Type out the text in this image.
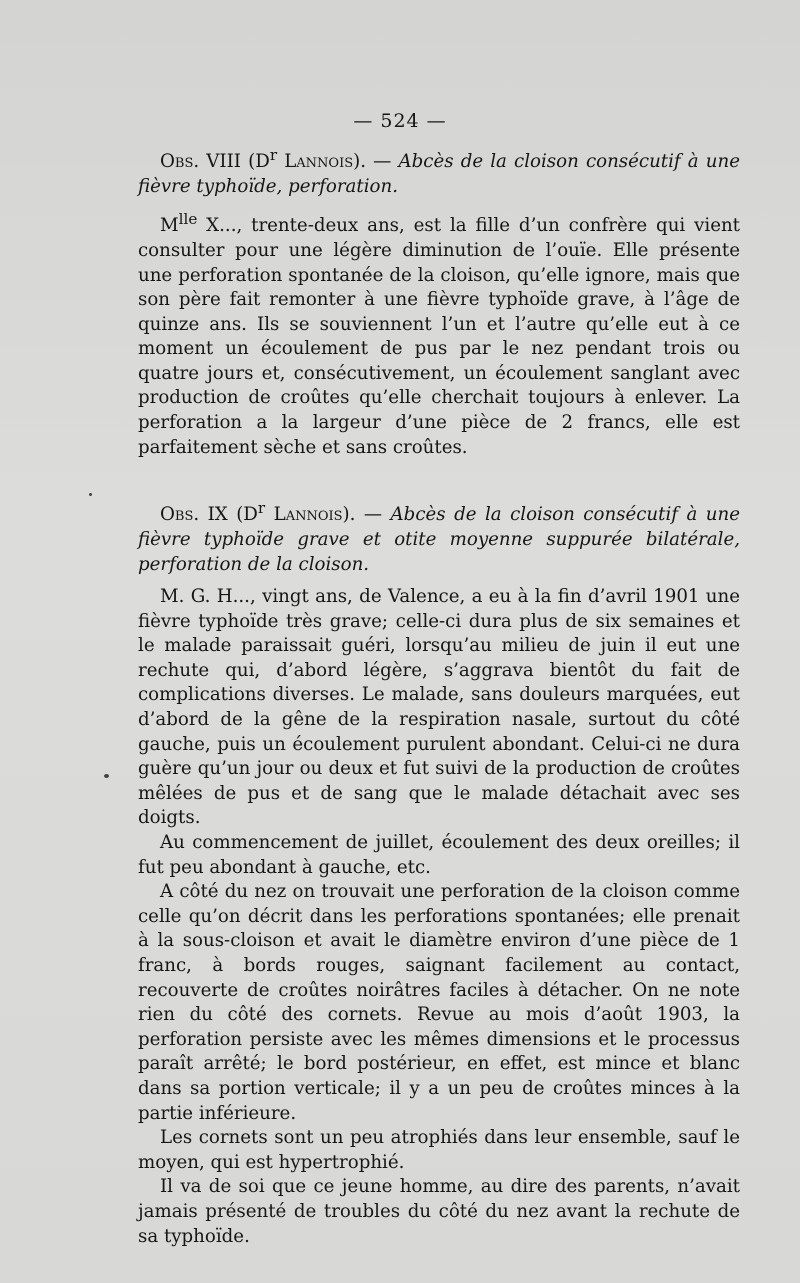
— 524 —

Obs. VIII ($D^r$ Lannois). — Abcès de la cloison consécutif à une fièvre typhoïde, perforation.

$M^{lle}$ X..., trente-deux ans, est la fille d’un confrère qui vient consulter pour une légère diminution de l’ouïe. Elle présente une perforation spontanée de la cloison, qu’elle ignore, mais que son père fait remonter à une fièvre typhoïde grave, à l’âge de quinze ans. Ils se souviennent l’un et l’autre qu’elle eut à ce moment un écoulement de pus par le nez pendant trois ou quatre jours et, consécutivement, un écoulement sanglant avec production de croûtes qu’elle cherchait toujours à enlever. La perforation a la largeur d’une pièce de 2 francs, elle est parfaitement sèche et sans croûtes.

Obs. IX ($D^r$ Lannois). — Abcès de la cloison consécutif à une fièvre typhoïde grave et otite moyenne suppurée bilatérale, perforation de la cloison.

M. G. H..., vingt ans, de Valence, a eu à la fin d’avril 1901 une fièvre typhoïde très grave; celle-ci dura plus de six semaines et le malade paraissait guéri, lorsqu’au milieu de juin il eut une rechute qui, d’abord légère, s’aggrava bientôt du fait de complications diverses. Le malade, sans douleurs marquées, eut d’abord de la gêne de la respiration nasale, surtout du côté gauche, puis un écoulement purulent abondant. Celui-ci ne dura guère qu’un jour ou deux et fut suivi de la production de croûtes mêlées de pus et de sang que le malade détachait avec ses doigts.

Au commencement de juillet, écoulement des deux oreilles; il fut peu abondant à gauche, etc.

A côté du nez on trouvait une perforation de la cloison comme celle qu’on décrit dans les perforations spontanées; elle prenait à la sous-cloison et avait le diamètre environ d’une pièce de 1 franc, à bords rouges, saignant facilement au contact, recouverte de croûtes noirâtres faciles à détacher. On ne note rien du côté des cornets. Revue au mois d’août 1903, la perforation persiste avec les mêmes dimensions et le processus paraît arrêté; le bord postérieur, en effet, est mince et blanc dans sa portion verticale; il y a un peu de croûtes minces à la partie inférieure.

Les cornets sont un peu atrophiés dans leur ensemble, sauf le moyen, qui est hypertrophié.

Il va de soi que ce jeune homme, au dire des parents, n’avait jamais présenté de troubles du côté du nez avant la rechute de sa typhoïde.
